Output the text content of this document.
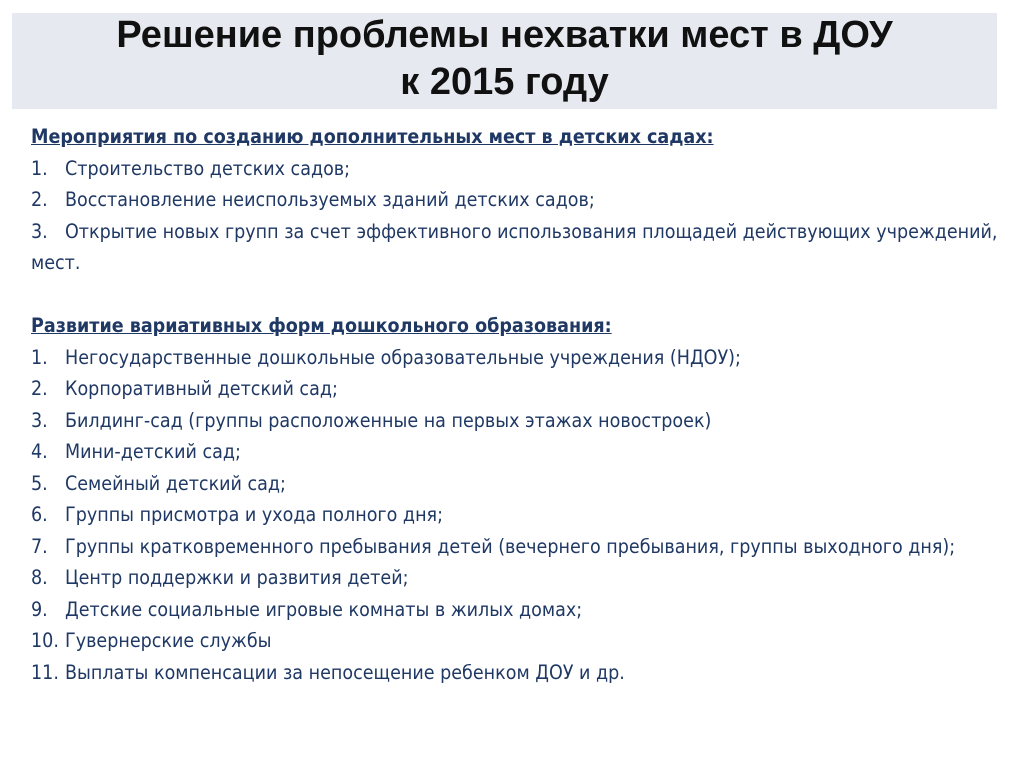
Решение проблемы нехватки мест в ДОУ
к 2015 году

Мероприятия по созданию дополнительных мест в детских садах:

1. Строительство детских садов;
2. Восстановление неиспользуемых зданий детских садов;
3. Открытие новых групп за счет эффективного использования площадей действующих учреждений, мест.

Развитие вариативных форм дошкольного образования:

1. Негосударственные дошкольные образовательные учреждения (НДОУ);
2. Корпоративный детский сад;
3. Билдинг-сад (группы расположенные на первых этажах новостроек)
4. Мини-детский сад;
5. Семейный детский сад;
6. Группы присмотра и ухода полного дня;
7. Группы кратковременного пребывания детей (вечернего пребывания, группы выходного дня);
8. Центр поддержки и развития детей;
9. Детские социальные игровые комнаты в жилых домах;
10. Гувернерские службы
11. Выплаты компенсации за непосещение ребенком ДОУ и др.
